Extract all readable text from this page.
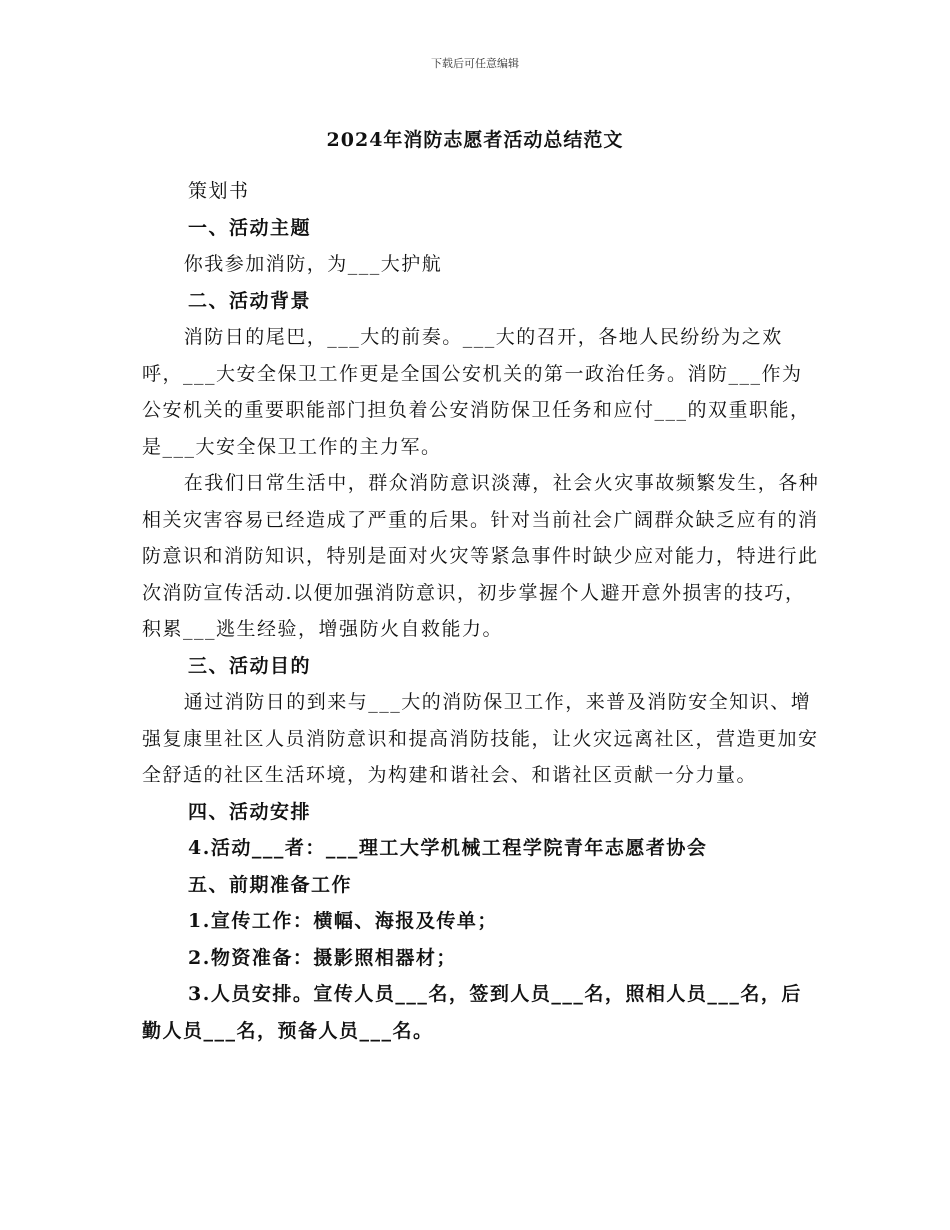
下载后可任意编辑
2024年消防志愿者活动总结范文

策划书

一、活动主题

你我参加消防，为___大护航

二、活动背景

消防日的尾巴，___大的前奏。___大的召开，各地人民纷纷为之欢呼，___大安全保卫工作更是全国公安机关的第一政治任务。消防___作为公安机关的重要职能部门担负着公安消防保卫任务和应付___的双重职能，是___大安全保卫工作的主力军。

在我们日常生活中，群众消防意识淡薄，社会火灾事故频繁发生，各种相关灾害容易已经造成了严重的后果。针对当前社会广阔群众缺乏应有的消防意识和消防知识，特别是面对火灾等紧急事件时缺少应对能力，特进行此次消防宣传活动.以便加强消防意识，初步掌握个人避开意外损害的技巧，积累___逃生经验，增强防火自救能力。

三、活动目的

通过消防日的到来与___大的消防保卫工作，来普及消防安全知识、增强复康里社区人员消防意识和提高消防技能，让火灾远离社区，营造更加安全舒适的社区生活环境，为构建和谐社会、和谐社区贡献一分力量。

四、活动安排

4.活动___者：___理工大学机械工程学院青年志愿者协会

五、前期准备工作

1.宣传工作：横幅、海报及传单；

2.物资准备：摄影照相器材；

3.人员安排。宣传人员___名，签到人员___名，照相人员___名，后勤人员___名，预备人员___名。
